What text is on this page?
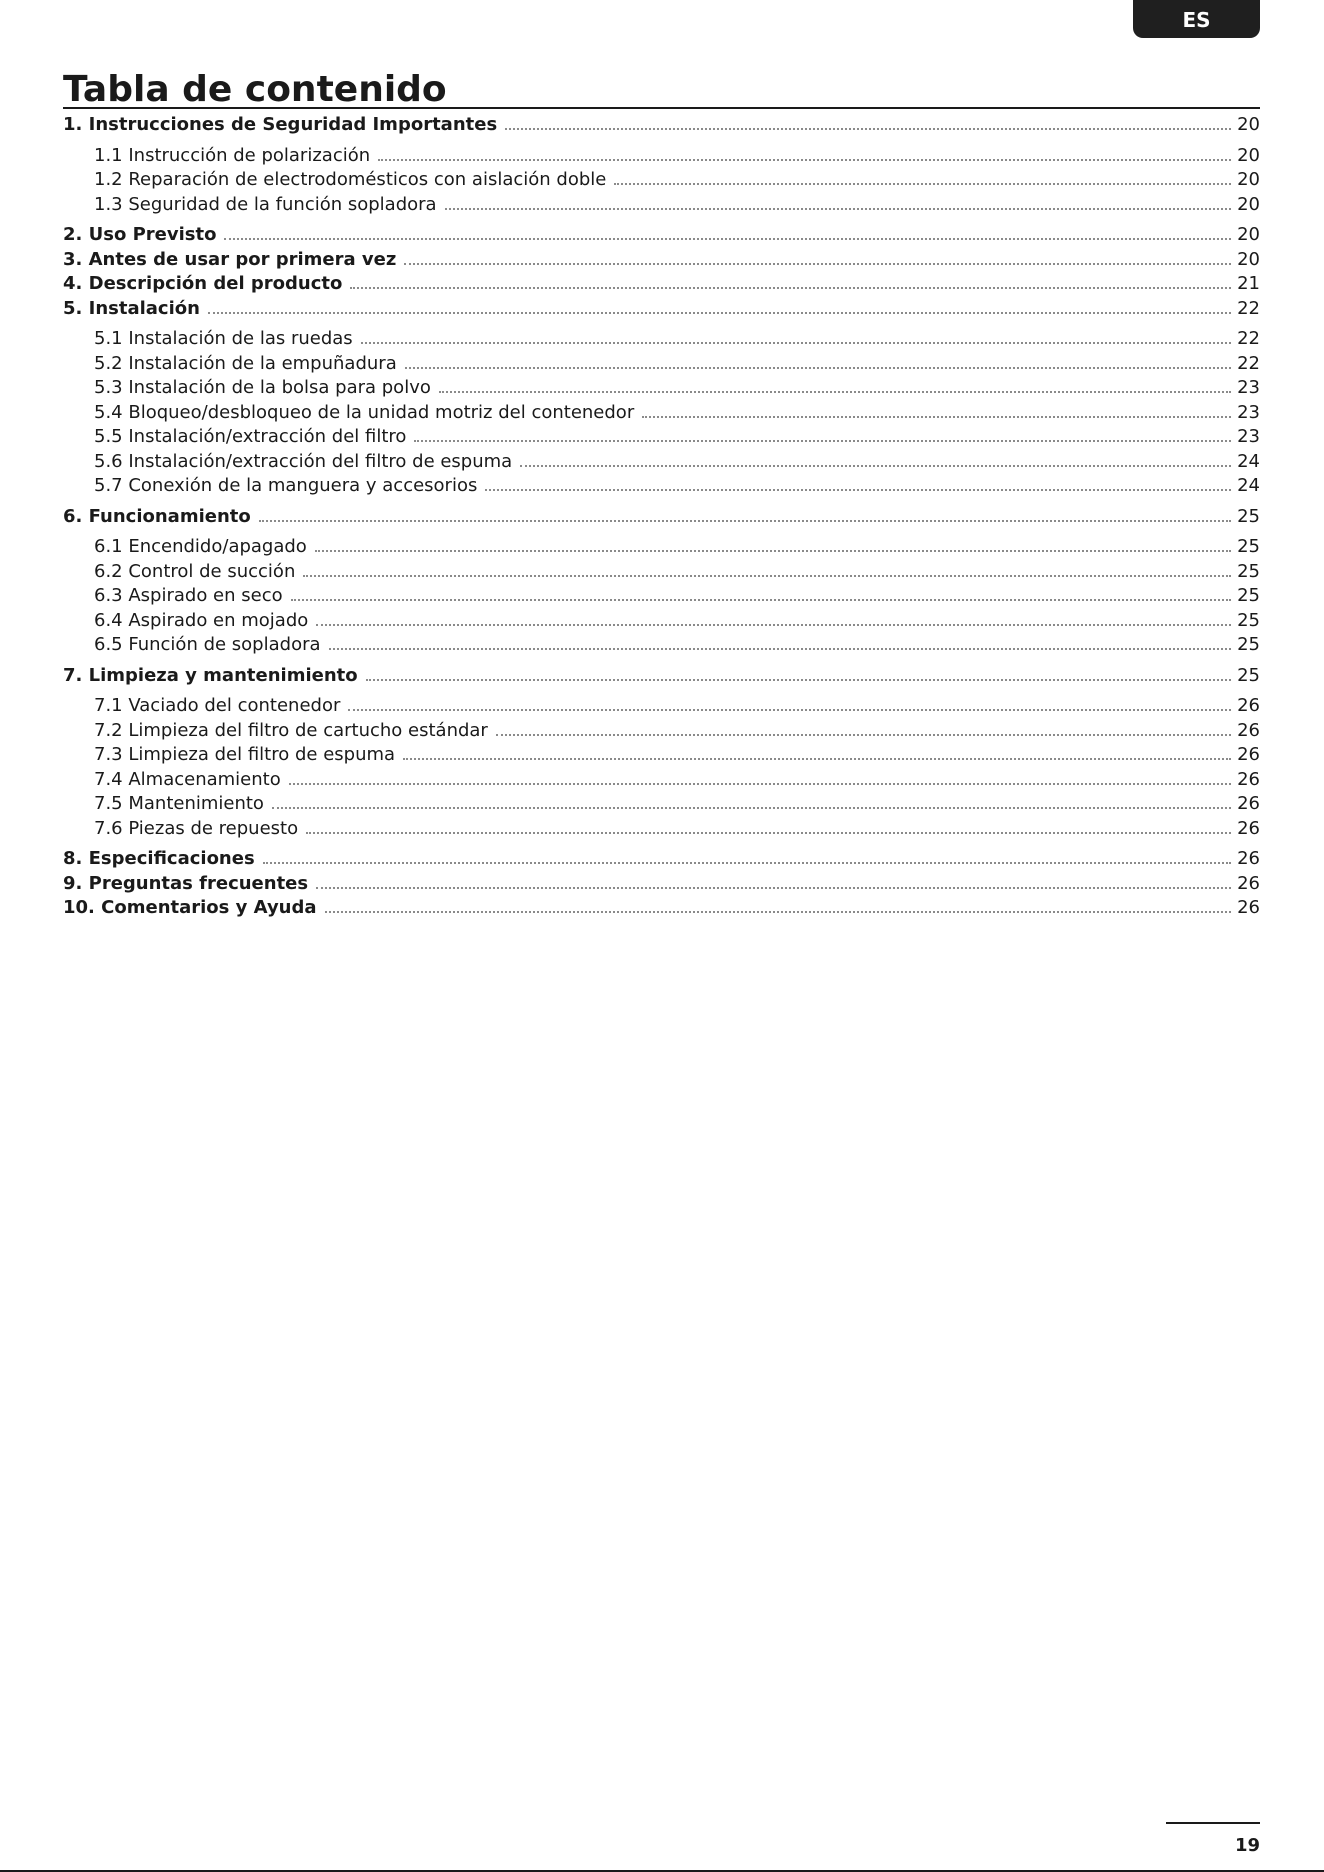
ES
Tabla de contenido
1. Instrucciones de Seguridad Importantes	20
1.1 Instrucción de polarización	20
1.2 Reparación de electrodomésticos con aislación doble	20
1.3 Seguridad de la función sopladora	20
2. Uso Previsto	20
3. Antes de usar por primera vez	20
4. Descripción del producto	21
5. Instalación	22
5.1 Instalación de las ruedas	22
5.2 Instalación de la empuñadura	22
5.3 Instalación de la bolsa para polvo	23
5.4 Bloqueo/desbloqueo de la unidad motriz del contenedor	23
5.5 Instalación/extracción del filtro	23
5.6 Instalación/extracción del filtro de espuma	24
5.7 Conexión de la manguera y accesorios	24
6. Funcionamiento	25
6.1 Encendido/apagado	25
6.2 Control de succión	25
6.3 Aspirado en seco	25
6.4 Aspirado en mojado	25
6.5 Función de sopladora	25
7. Limpieza y mantenimiento	25
7.1 Vaciado del contenedor	26
7.2 Limpieza del filtro de cartucho estándar	26
7.3 Limpieza del filtro de espuma	26
7.4 Almacenamiento	26
7.5 Mantenimiento	26
7.6 Piezas de repuesto	26
8. Especificaciones	26
9. Preguntas frecuentes	26
10. Comentarios y Ayuda	26
19
